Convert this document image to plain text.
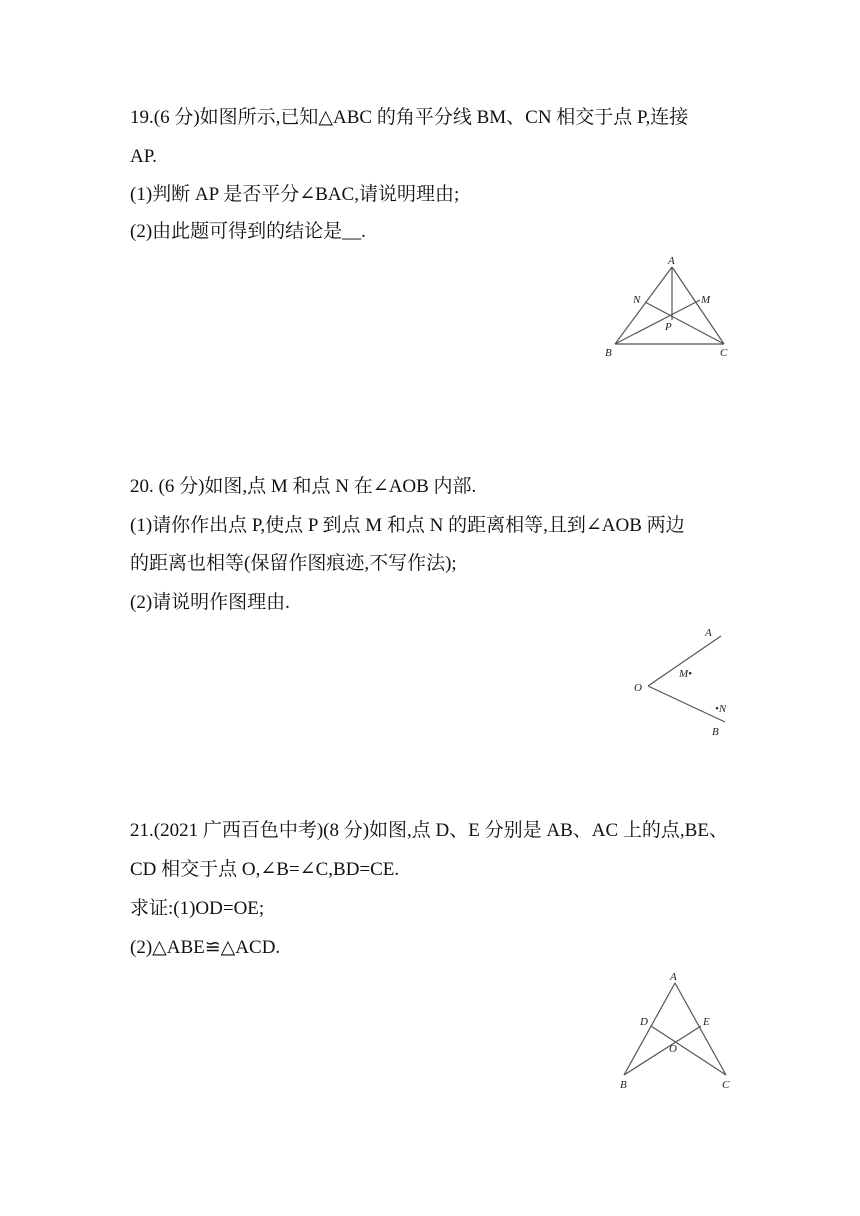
19.(6 分)如图所示,已知△ABC 的角平分线 BM、CN 相交于点 P,连接
AP.
(1)判断 AP 是否平分∠BAC,请说明理由;
(2)由此题可得到的结论是__.
A
N	M
P
B	C
20. (6 分)如图,点 M 和点 N 在∠AOB 内部.
(1)请你作出点 P,使点 P 到点 M 和点 N 的距离相等,且到∠AOB 两边
的距离也相等(保留作图痕迹,不写作法);
(2)请说明作图理由.
A
M•
O
•N
B
21.(2021 广西百色中考)(8 分)如图,点 D、E 分别是 AB、AC 上的点,BE、
CD 相交于点 O,∠B=∠C,BD=CE.
求证:(1)OD=OE;
(2)△ABE≌△ACD.
A
D	E
O
B	C
